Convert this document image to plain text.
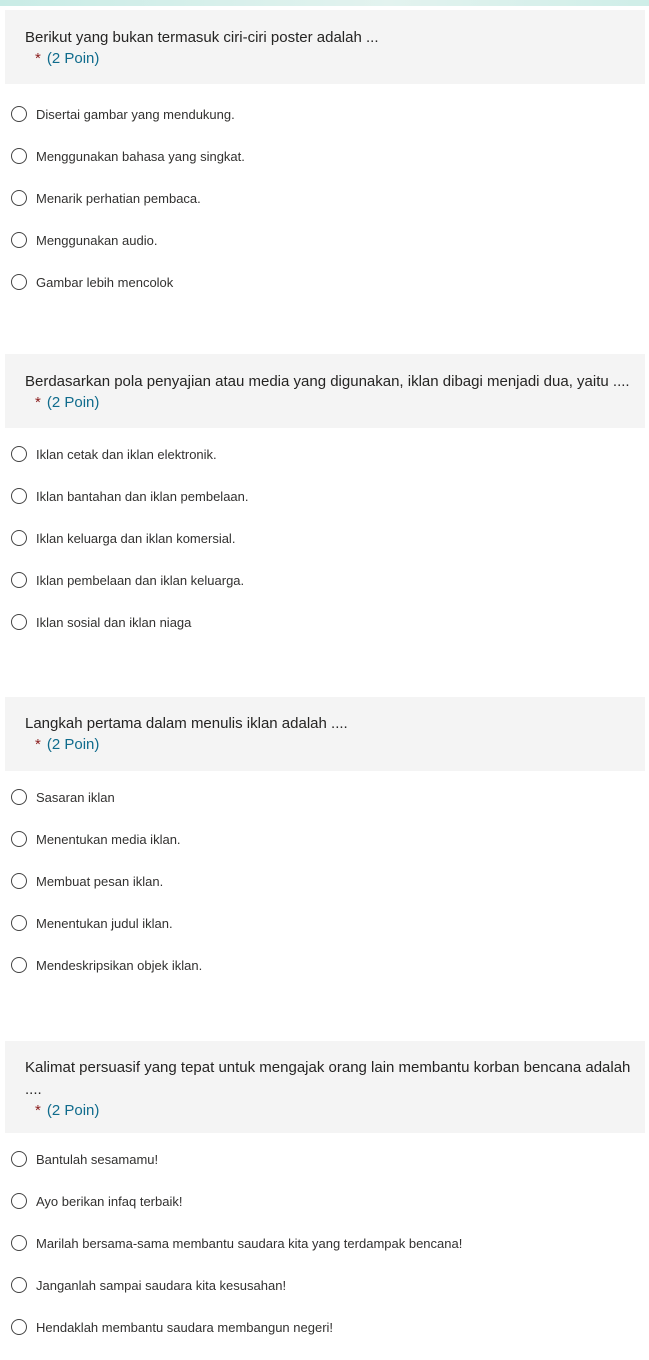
Berikut yang bukan termasuk ciri-ciri poster adalah ...

* (2 Poin)
Disertai gambar yang mendukung.
Menggunakan bahasa yang singkat.
Menarik perhatian pembaca.
Menggunakan audio.
Gambar lebih mencolok

Berdasarkan pola penyajian atau media yang digunakan, iklan dibagi menjadi dua, yaitu ....

* (2 Poin)
Iklan cetak dan iklan elektronik.
Iklan bantahan dan iklan pembelaan.
Iklan keluarga dan iklan komersial.
Iklan pembelaan dan iklan keluarga.
Iklan sosial dan iklan niaga

Langkah pertama dalam menulis iklan adalah ....

* (2 Poin)
Sasaran iklan
Menentukan media iklan.
Membuat pesan iklan.
Menentukan judul iklan.
Mendeskripsikan objek iklan.

Kalimat persuasif yang tepat untuk mengajak orang lain membantu korban bencana adalah ....

* (2 Poin)
Bantulah sesamamu!
Ayo berikan infaq terbaik!
Marilah bersama-sama membantu saudara kita yang terdampak bencana!
Janganlah sampai saudara kita kesusahan!
Hendaklah membantu saudara membangun negeri!
